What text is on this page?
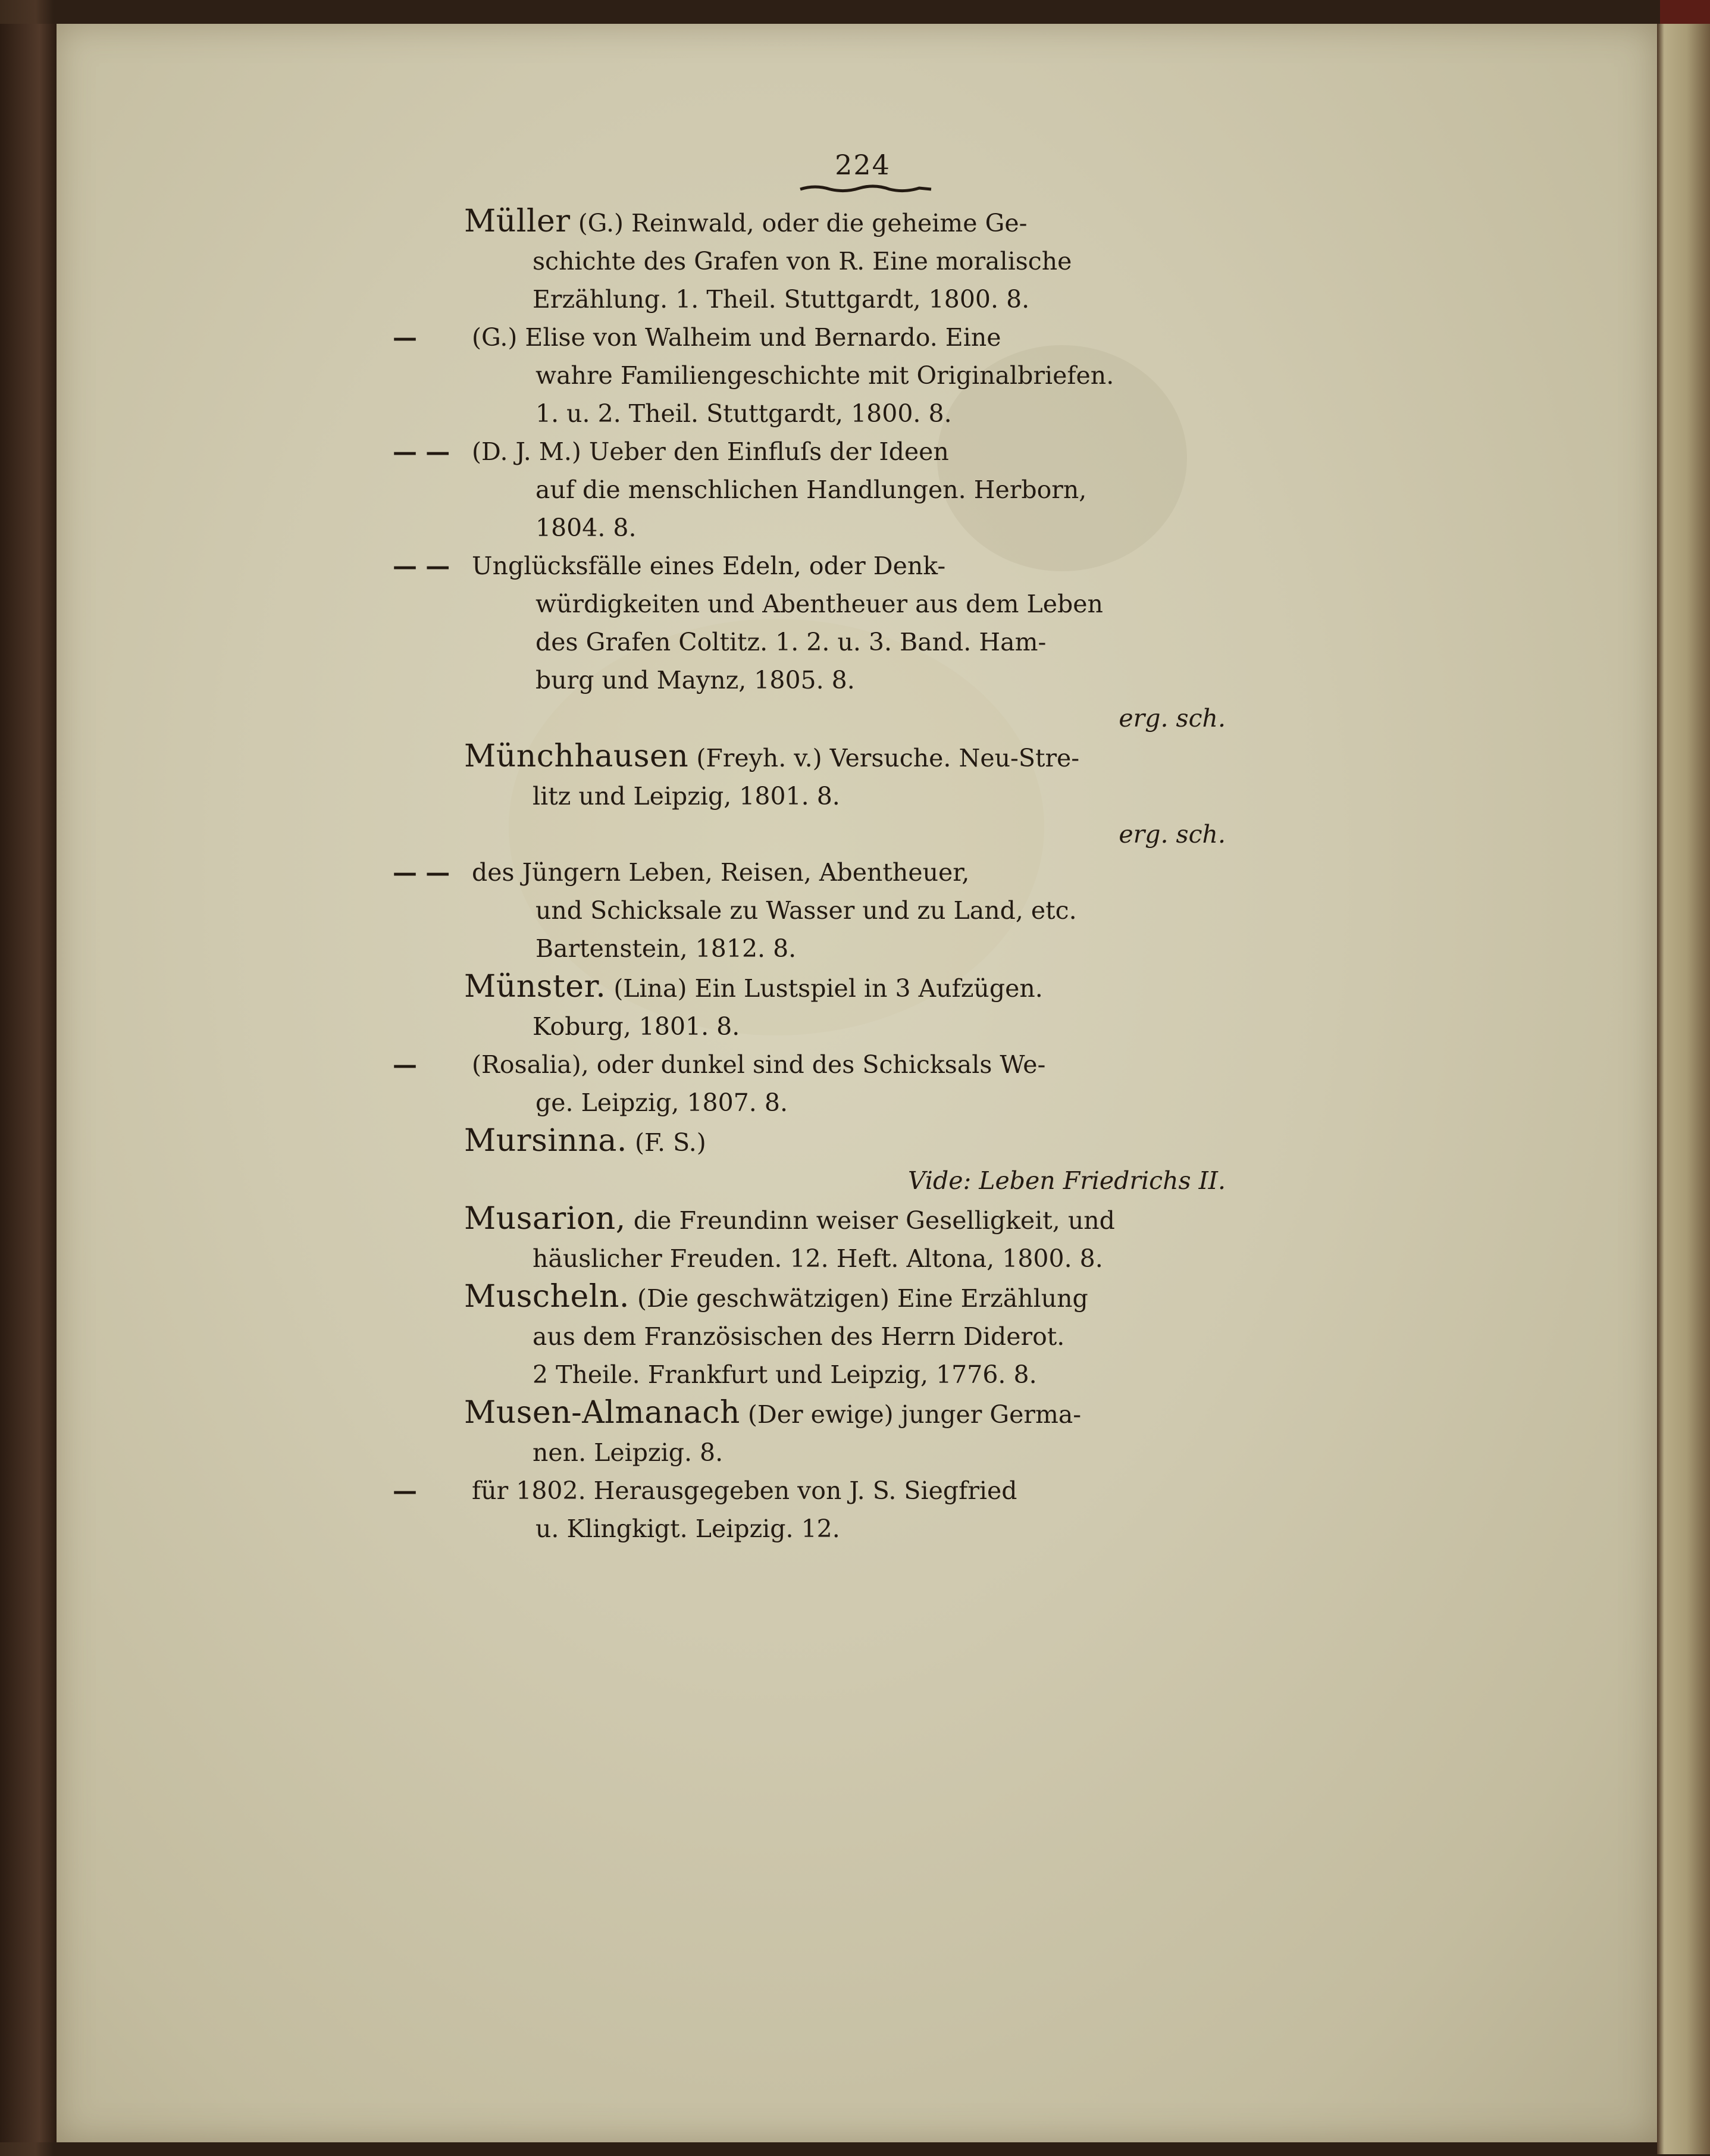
224
Müller (G.) Reinwald, oder die geheime Ge-
schichte des Grafen von R. Eine moralische
Erzählung. 1. Theil. Stuttgardt, 1800. 8.
(G.) Elise von Walheim und Bernardo. Eine
wahre Familiengeschichte mit Originalbriefen.
1. u. 2. Theil. Stuttgardt, 1800. 8.
(D. J. M.) Ueber den Einfluſs der Ideen
auf die menschlichen Handlungen. Herborn,
1804. 8.
Unglücksfälle eines Edeln, oder Denk-
würdigkeiten und Abentheuer aus dem Leben
des Grafen Coltitz. 1. 2. u. 3. Band. Ham-
burg und Maynz, 1805. 8.
erg. sch.
Münchhausen (Freyh. v.) Versuche. Neu-Stre-
litz und Leipzig, 1801. 8.
erg. sch.
des Jüngern Leben, Reisen, Abentheuer,
und Schicksale zu Wasser und zu Land, etc.
Bartenstein, 1812. 8.
Münster. (Lina) Ein Lustspiel in 3 Aufzügen.
Koburg, 1801. 8.
(Rosalia), oder dunkel sind des Schicksals We-
ge. Leipzig, 1807. 8.
Mursinna. (F. S.)
Vide: Leben Friedrichs II.
Musarion, die Freundinn weiser Geselligkeit, und
häuslicher Freuden. 12. Heft. Altona, 1800. 8.
Muscheln. (Die geschwätzigen) Eine Erzählung
aus dem Französischen des Herrn Diderot.
2 Theile. Frankfurt und Leipzig, 1776. 8.
Musen-Almanach (Der ewige) junger Germa-
nen. Leipzig. 8.
für 1802. Herausgegeben von J. S. Siegfried
u. Klingkigt. Leipzig. 12.
